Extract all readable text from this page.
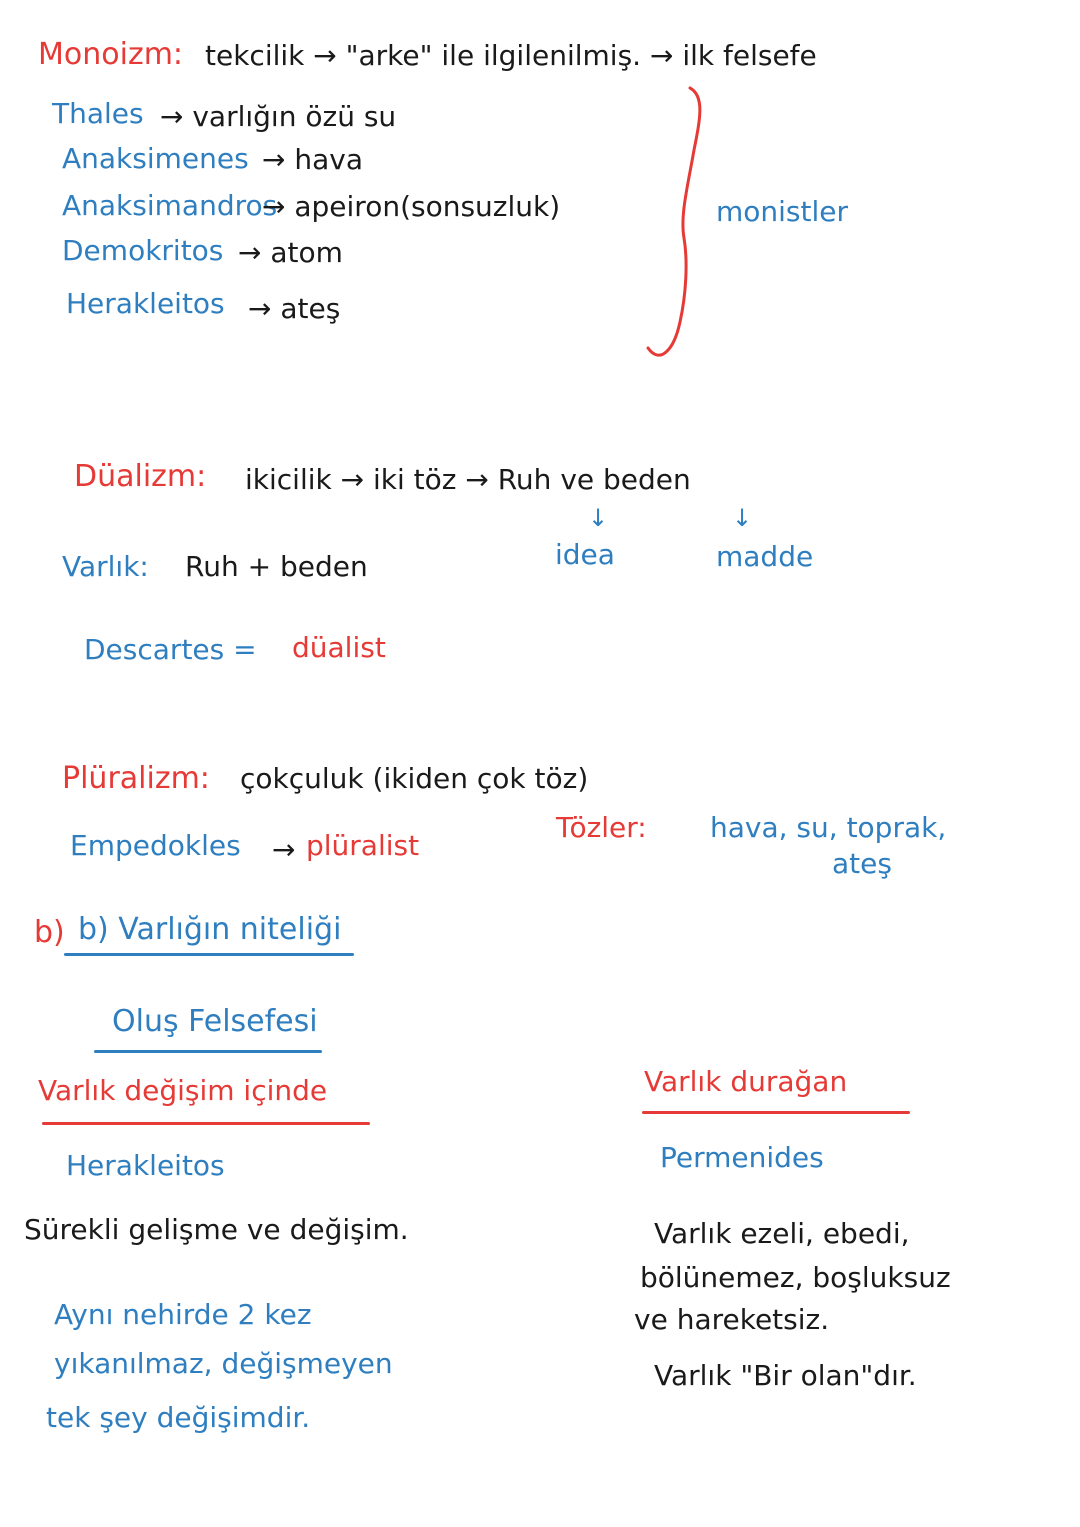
Monoizm: tekcilik → "arke" ile ilgilenilmiş. → ilk felsefe
Thales → varlığın özü su
Anaksimenes → hava
Anaksimandros
→ apeiron(sonsuzluk)
Demokritos → atom
Herakleitos → ateş
monistler
Düalizm: ikicilik → iki töz → Ruh ve beden
↓	↓
idea	madde
Varlık: Ruh + beden
Descartes = düalist
Plüralizm: çokçuluk (ikiden çok töz)
Empedokles → plüralist
Tözler: hava, su, toprak,
ateş
b) b) Varlığın niteliği
Oluş Felsefesi
Varlık değişim içinde
Herakleitos
Sürekli gelişme ve değişim.
Aynı nehirde 2 kez
yıkanılmaz, değişmeyen
tek şey değişimdir.
Varlık durağan
Permenides
Varlık ezeli, ebedi,
bölünemez, boşluksuz
ve hareketsiz.
Varlık "Bir olan"dır.
